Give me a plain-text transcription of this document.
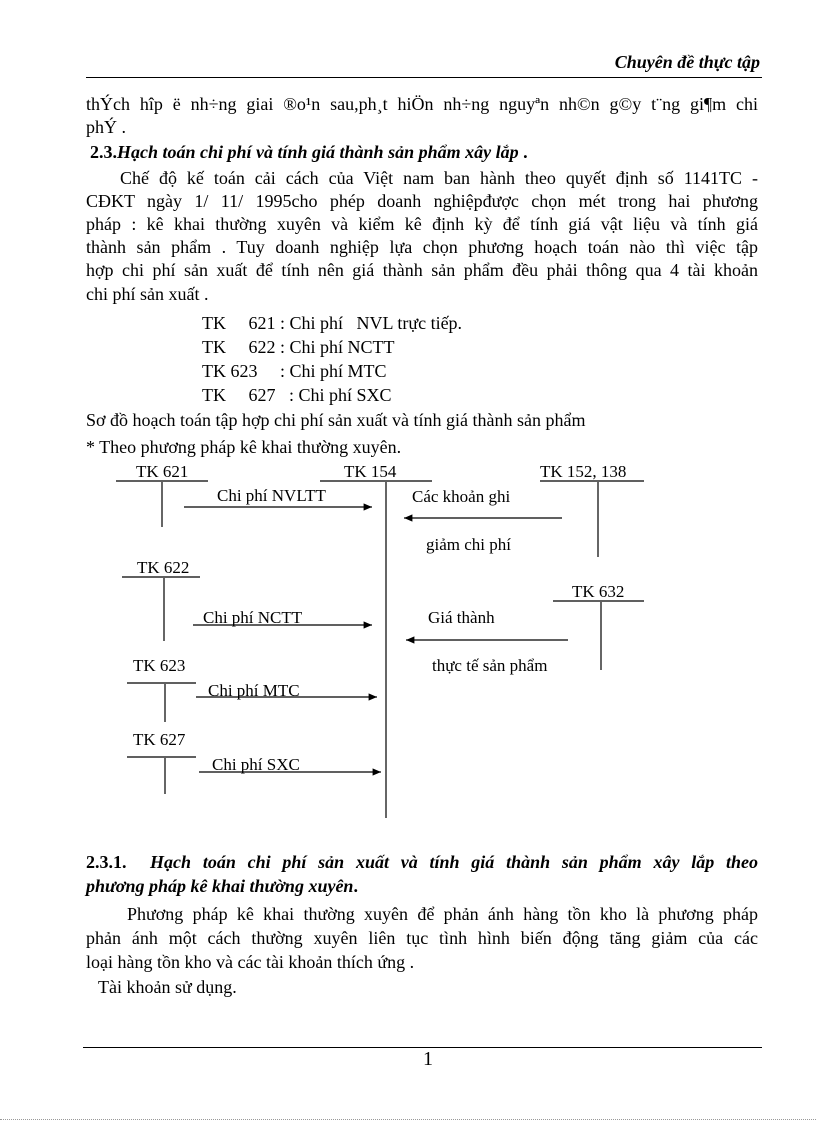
Chuyên đề thực tập
thÝch hîp ë nh÷ng giai ®o¹n sau,ph¸t hiÖn nh÷ng nguyªn nh©n g©y t¨ng gi¶m chi
phÝ .
2.3.Hạch toán chi phí và tính giá thành sản phẩm xây lắp .
Chế độ kế toán cải cách của Việt nam ban hành theo quyết định số 1141TC -
CĐKT ngày 1/ 11/ 1995cho phép doanh nghiệpđược chọn mét trong hai phương
pháp : kê khai thường xuyên và kiểm kê định kỳ để tính giá vật liệu và tính giá
thành sản phẩm . Tuy doanh nghiệp lựa chọn phương hoạch toán nào thì việc tập
hợp chi phí sản xuất để tính nên giá thành sản phẩm đều phải thông qua 4 tài khoản
chi phí sản xuất .
TK     621 : Chi phí   NVL trực tiếp.
TK     622 : Chi phí NCTT
TK 623     : Chi phí MTC
TK     627   : Chi phí SXC
Sơ đồ hoạch toán tập hợp chi phí sản xuất và tính giá thành sản phẩm
* Theo phương pháp kê khai thường xuyên.
TK 621	TK 154	TK 152, 138
Chi phí NVLTT	Các khoản ghi
giảm chi phí
TK 622
TK 632
Chi phí NCTT	Giá thành
TK 623	thực tế sản phẩm
Chi phí MTC
TK 627
Chi phí SXC
2.3.1. Hạch toán chi phí sản xuất và tính giá thành sản phẩm xây lắp theo
phương pháp kê khai thường xuyên.
Phương pháp kê khai thường xuyên để phản ánh hàng tồn kho là phương pháp
phản ánh một cách thường xuyên liên tục tình hình biến động tăng giảm của các
loại hàng tồn kho và các tài khoản thích ứng .
Tài khoản sử dụng.
1
